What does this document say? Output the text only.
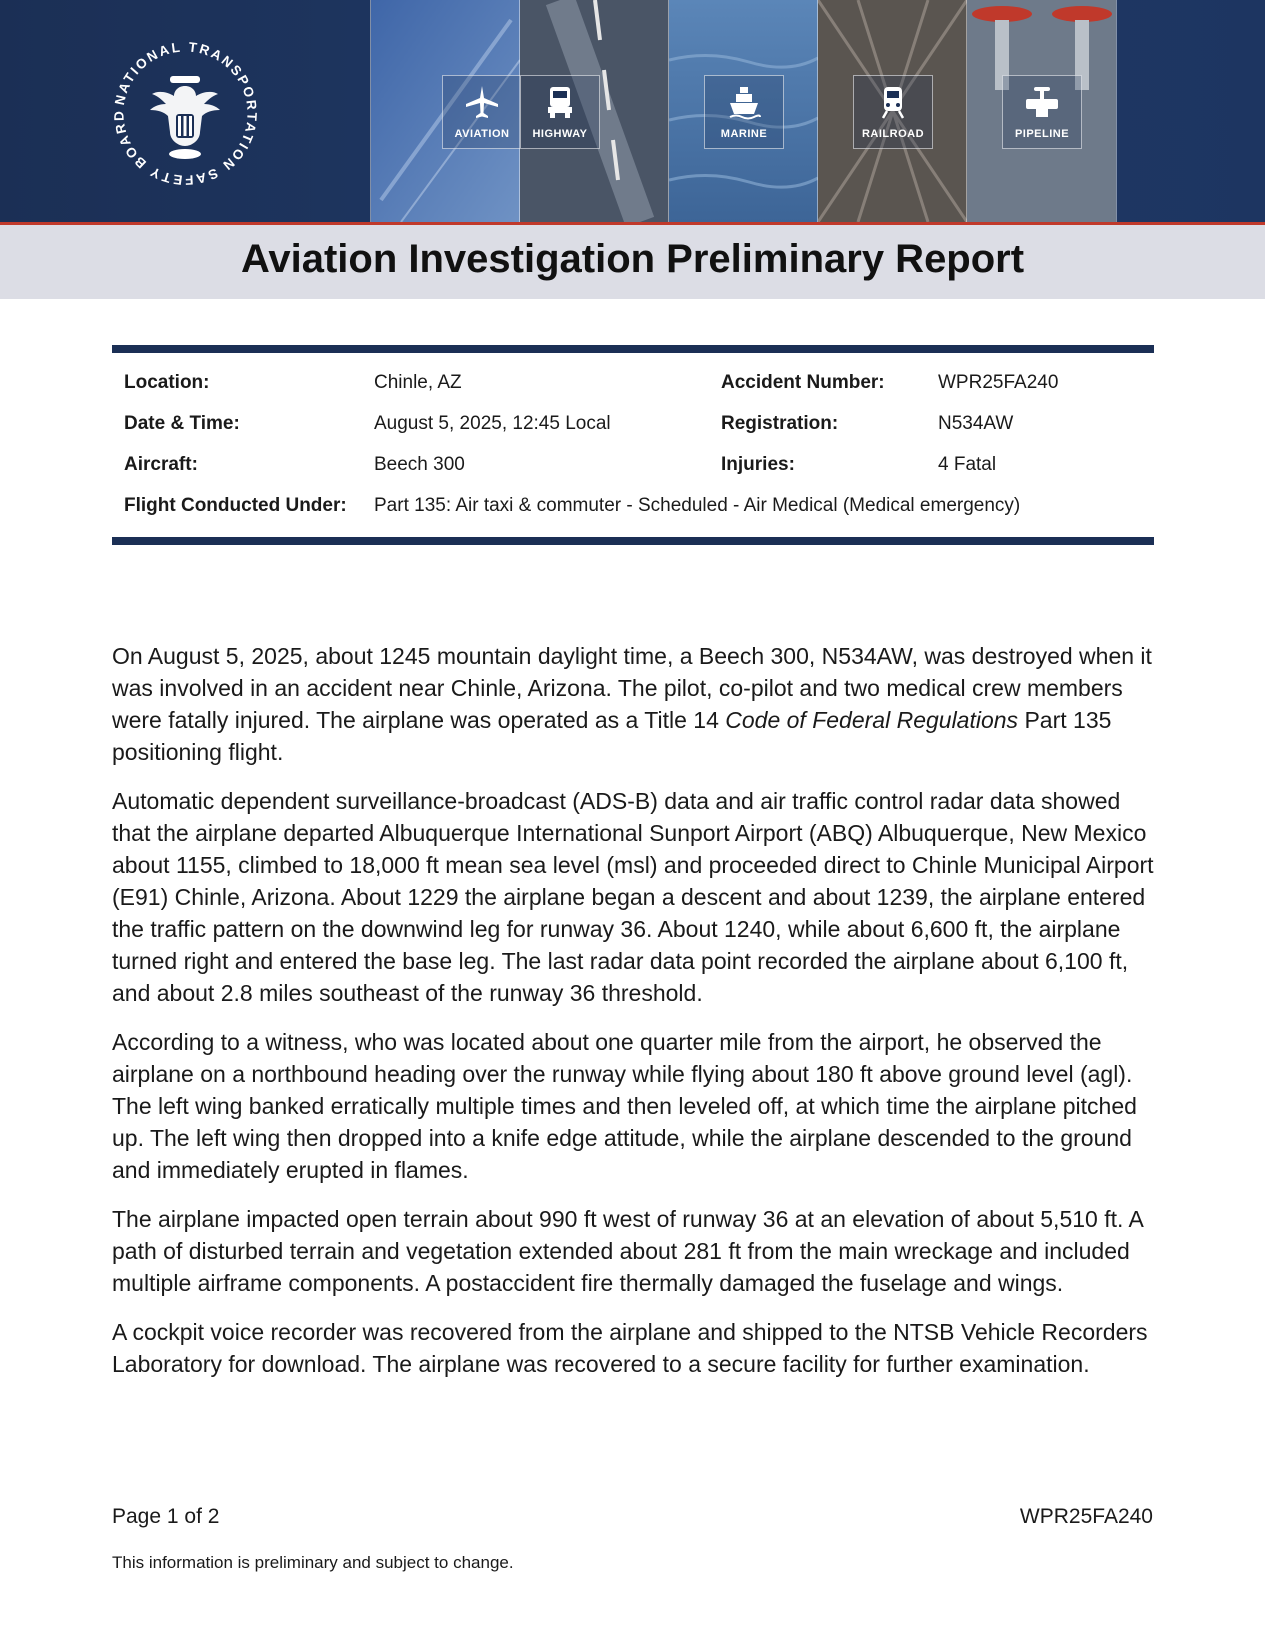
NATIONAL TRANSPORTATION SAFETY BOARD
AVIATION	HIGHWAY	MARINE	RAILROAD	PIPELINE
Aviation Investigation Preliminary Report
Location:	Chinle, AZ	Accident Number:	WPR25FA240
Date & Time:	August 5, 2025, 12:45 Local	Registration:	N534AW
Aircraft:	Beech 300	Injuries:	4 Fatal
Flight Conducted Under: Part 135: Air taxi & commuter - Scheduled - Air Medical (Medical emergency)

On August 5, 2025, about 1245 mountain daylight time, a Beech 300, N534AW, was destroyed when it was involved in an accident near Chinle, Arizona. The pilot, co-pilot and two medical crew members were fatally injured. The airplane was operated as a Title 14 Code of Federal Regulations Part 135 positioning flight.

Automatic dependent surveillance-broadcast (ADS-B) data and air traffic control radar data showed that the airplane departed Albuquerque International Sunport Airport (ABQ) Albuquerque, New Mexico about 1155, climbed to 18,000 ft mean sea level (msl) and proceeded direct to Chinle Municipal Airport (E91) Chinle, Arizona. About 1229 the airplane began a descent and about 1239, the airplane entered the traffic pattern on the downwind leg for runway 36. About 1240, while about 6,600 ft, the airplane turned right and entered the base leg. The last radar data point recorded the airplane about 6,100 ft, and about 2.8 miles southeast of the runway 36 threshold.

According to a witness, who was located about one quarter mile from the airport, he observed the airplane on a northbound heading over the runway while flying about 180 ft above ground level (agl). The left wing banked erratically multiple times and then leveled off, at which time the airplane pitched up. The left wing then dropped into a knife edge attitude, while the airplane descended to the ground and immediately erupted in flames.

The airplane impacted open terrain about 990 ft west of runway 36 at an elevation of about 5,510 ft. A path of disturbed terrain and vegetation extended about 281 ft from the main wreckage and included multiple airframe components. A postaccident fire thermally damaged the fuselage and wings.

A cockpit voice recorder was recovered from the airplane and shipped to the NTSB Vehicle Recorders Laboratory for download. The airplane was recovered to a secure facility for further examination.

Page 1 of 2	WPR25FA240
This information is preliminary and subject to change.
